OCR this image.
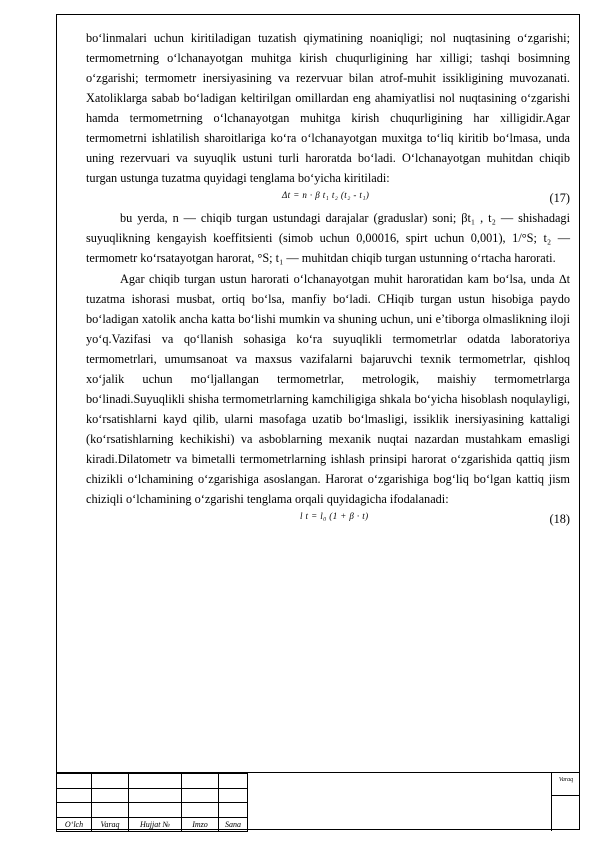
bo‘linmalari uchun kiritiladigan tuzatish qiymatining noaniqligi; nol nuqtasining o‘zgarishi; termometrning o‘lchanayotgan muhitga kirish chuqurligining har xilligi; tashqi bosimning o‘zgarishi; termometr inersiyasining va rezervuar bilan atrof-muhit issikligining muvozanati. Xatoliklarga sabab bo‘ladigan keltirilgan omillardan eng ahamiyatlisi nol nuqtasining o‘zgarishi hamda termometrning o‘lchanayotgan muhitga kirish chuqurligining har xilligidir.Agar termometrni ishlatilish sharoitlariga ko‘ra o‘lchanayotgan muxitga to‘liq kiritib bo‘lmasa, unda uning rezervuari va suyuqlik ustuni turli haroratda bo‘ladi. O‘lchanayotgan muhitdan chiqib turgan ustunga tuzatma quyidagi tenglama bo‘yicha kiritiladi:

Δt = n · β t₁ t₂ (t₂ - t₁)	(17)

bu yerda, n — chiqib turgan ustundagi darajalar (graduslar) soni; βt₁ , t₂ — shishadagi suyuqlikning kengayish koeffitsienti (simob uchun 0,00016, spirt uchun 0,001), 1/°S; t₂ — termometr ko‘rsatayotgan harorat, °S; t₁ — muhitdan chiqib turgan ustunning o‘rtacha harorati.

Agar chiqib turgan ustun harorati o‘lchanayotgan muhit haroratidan kam bo‘lsa, unda ∆t tuzatma ishorasi musbat, ortiq bo‘lsa, manfiy bo‘ladi. CHiqib turgan ustun hisobiga paydo bo‘ladigan xatolik ancha katta bo‘lishi mumkin va shuning uchun, uni e’tiborga olmaslikning iloji yo‘q.Vazifasi va qo‘llanish sohasiga ko‘ra suyuqlikli termometrlar odatda laboratoriya termometrlari, umumsanoat va maxsus vazifalarni bajaruvchi texnik termometrlar, qishloq xo‘jalik uchun mo‘ljallangan termometrlar, metrologik, maishiy termometrlarga bo‘linadi.Suyuqlikli shisha termometrlarning kamchiligiga shkala bo‘yicha hisoblash noqulayligi, ko‘rsatishlarni kayd qilib, ularni masofaga uzatib bo‘lmasligi, issiklik inersiyasining kattaligi (ko‘rsatishlarning kechikishi) va asboblarning mexanik nuqtai nazardan mustahkam emasligi kiradi.Dilatometr va bimetalli termometrlarning ishlash prinsipi harorat o‘zgarishida qattiq jism chizikli o‘lchamining o‘zgarishiga asoslangan. Harorat o‘zgarishiga bog‘liq bo‘lgan kattiq jism chiziqli o‘lchamining o‘zgarishi tenglama orqali quyidagicha ifodalanadi:

l t = l₀ (1 + β · t)	(18)

O‘lch	Varaq	Hujjat №	Imzo	Sana
Varaq
